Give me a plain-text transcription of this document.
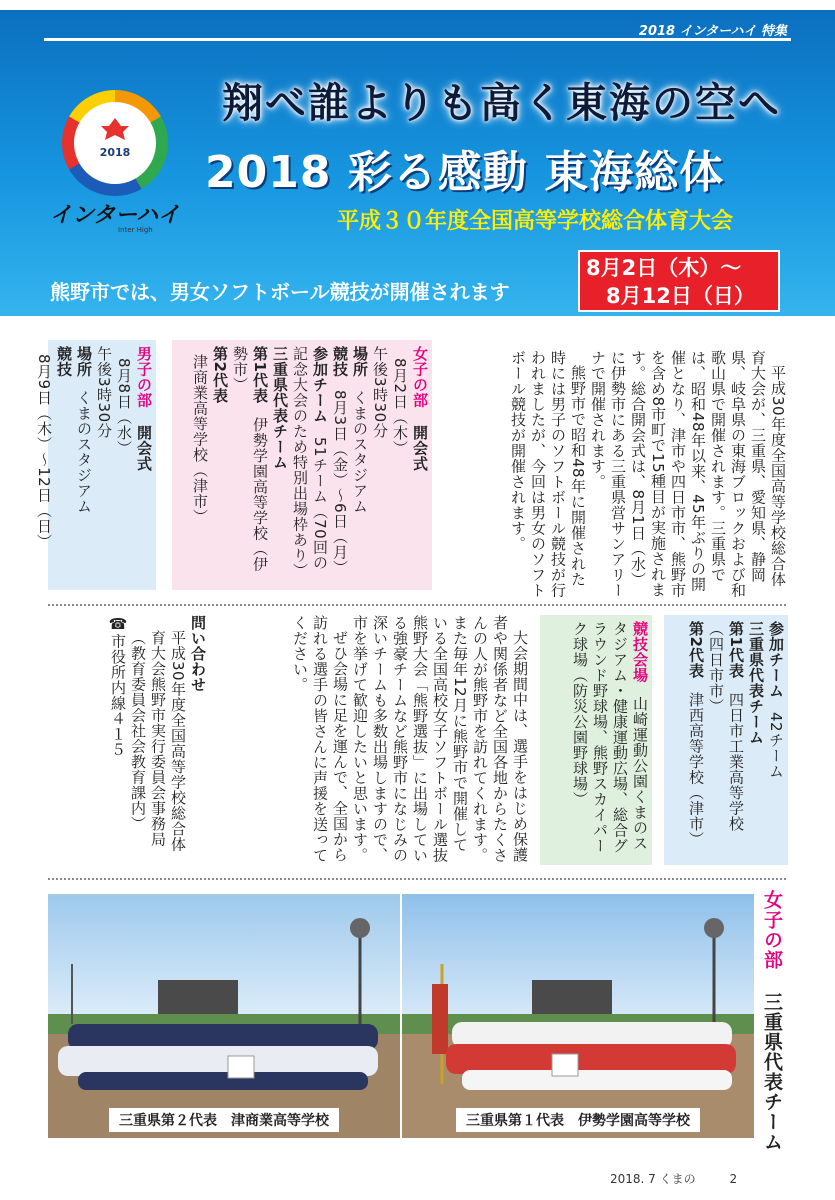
2018 インターハイ 特集
2018
インターハイ
Inter High
翔べ誰よりも高く東海の空へ
2018 彩る感動 東海総体
平成３０年度全国高等学校総合体育大会
熊野市では、男女ソフトボール競技が開催されます
8月2日（木）～
8月12日（日）

平成30年度全国高等学校総合体育大会が、三重県、愛知県、静岡県、岐阜県の東海ブロックおよび和歌山県で開催されます。三重県では、昭和48年以来、45年ぶりの開催となり、津市や四日市市、熊野市を含め8市町で15種目が実施されます。総合開会式は、8月1日（水）に伊勢市にある三重県営サンアリーナで開催されます。

熊野市で昭和48年に開催された時には男子のソフトボール競技が行われましたが、今回は男女のソフトボール競技が開催されます。

女子の部 開会式 8月2日（木）

午後3時30分

場所 くまのスタジアム

競技 8月3日（金）～6日（月）

参加チーム 51チーム（70回の記念大会のため特別出場枠あり）

三重県代表チーム

第1代表 伊勢学園高等学校（伊勢市）

第2代表 津商業高等学校（津市）

男子の部 開会式 8月8日（水）

午後3時30分

場所 くまのスタジアム

競技 8月9日（木）～12日（日）

参加チーム 42チーム

三重県代表チーム

第1代表 四日市工業高等学校（四日市市）

第2代表 津西高等学校（津市）

競技会場 山崎運動公園くまのスタジアム・健康運動広場、総合グラウンド野球場、熊野スカイパーク球場（防災公園野球場）

大会期間中は、選手をはじめ保護者や関係者など全国各地からたくさんの人が熊野市を訪れてくれます。また毎年12月に熊野市で開催している全国高校女子ソフトボール選抜熊野大会「熊野選抜」に出場している強豪チームなど熊野市になじみの深いチームも多数出場しますので、市を挙げて歓迎したいと思います。

ぜひ会場に足を運んで、全国から訪れる選手の皆さんに声援を送ってください。

問い合わせ

平成30年度全国高等学校総合体育大会熊野市実行委員会事務局

（教育委員会社会教育課内）

☎市役所内線４１５

三重県第２代表　津商業高等学校	三重県第１代表　伊勢学園高等学校
女子の部 三重県代表チーム
2018. 7 くまの	2
